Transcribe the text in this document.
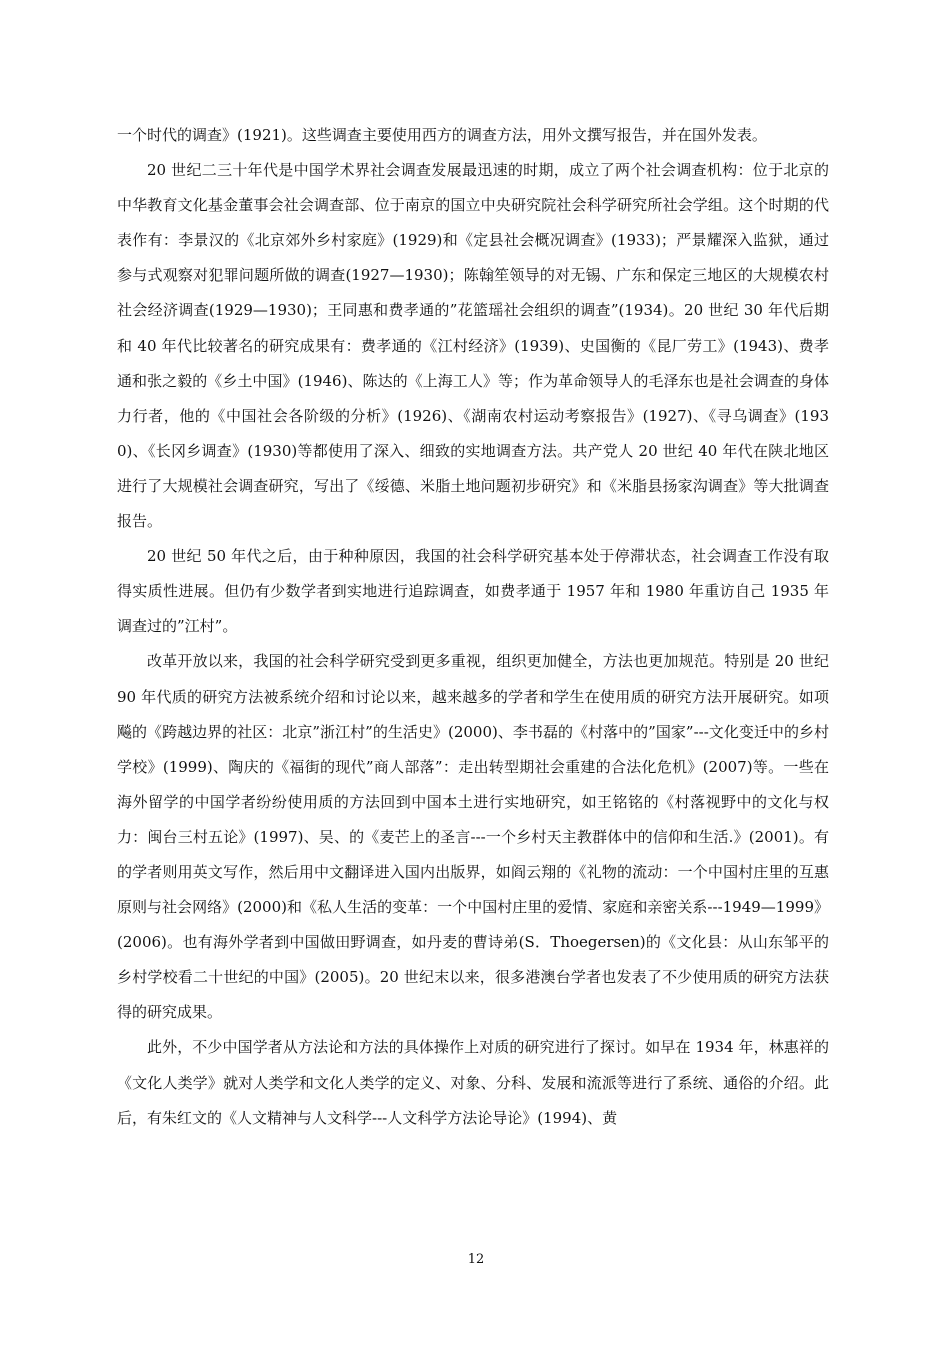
一个时代的调查》(1921)。这些调查主要使用西方的调查方法，用外文撰写报告，并在国外发表。

20 世纪二三十年代是中国学术界社会调查发展最迅速的时期，成立了两个社会调查机构：位于北京的中华教育文化基金董事会社会调查部、位于南京的国立中央研究院社会科学研究所社会学组。这个时期的代表作有：李景汉的《北京郊外乡村家庭》(1929)和《定县社会概况调查》(1933)；严景耀深入监狱，通过参与式观察对犯罪问题所做的调查(1927—1930)；陈翰笙领导的对无锡、广东和保定三地区的大规模农村社会经济调查(1929—1930)；王同惠和费孝通的”花篮瑶社会组织的调查”(1934)。20 世纪 30 年代后期和 40 年代比较著名的研究成果有：费孝通的《江村经济》(1939)、史国衡的《昆厂劳工》(1943)、费孝通和张之毅的《乡土中国》(1946)、陈达的《上海工人》等；作为革命领导人的毛泽东也是社会调查的身体力行者，他的《中国社会各阶级的分析》(1926)、《湖南农村运动考察报告》(1927)、《寻乌调查》(1930)、《长冈乡调查》(1930)等都使用了深入、细致的实地调查方法。共产党人 20 世纪 40 年代在陕北地区进行了大规模社会调查研究，写出了《绥德、米脂土地问题初步研究》和《米脂县扬家沟调查》等大批调查报告。

20 世纪 50 年代之后，由于种种原因，我国的社会科学研究基本处于停滞状态，社会调查工作没有取得实质性进展。但仍有少数学者到实地进行追踪调查，如费孝通于 1957 年和 1980 年重访自己 1935 年调查过的”江村”。

改革开放以来，我国的社会科学研究受到更多重视，组织更加健全，方法也更加规范。特别是 20 世纪 90 年代质的研究方法被系统介绍和讨论以来，越来越多的学者和学生在使用质的研究方法开展研究。如项飚的《跨越边界的社区：北京”浙江村”的生活史》(2000)、李书磊的《村落中的”国家”---文化变迁中的乡村学校》(1999)、陶庆的《福街的现代”商人部落”：走出转型期社会重建的合法化危机》(2007)等。一些在海外留学的中国学者纷纷使用质的方法回到中国本土进行实地研究，如王铭铭的《村落视野中的文化与权力：闽台三村五论》(1997)、吴、的《麦芒上的圣言---一个乡村天主教群体中的信仰和生活.》(2001)。有的学者则用英文写作，然后用中文翻译进入国内出版界，如阎云翔的《礼物的流动：一个中国村庄里的互惠原则与社会网络》(2000)和《私人生活的变革：一个中国村庄里的爱情、家庭和亲密关系---1949—1999》(2006)。也有海外学者到中国做田野调查，如丹麦的曹诗弟(S．Thoegersen)的《文化县：从山东邹平的乡村学校看二十世纪的中国》(2005)。20 世纪末以来，很多港澳台学者也发表了不少使用质的研究方法获得的研究成果。

此外，不少中国学者从方法论和方法的具体操作上对质的研究进行了探讨。如早在 1934 年，林惠祥的《文化人类学》就对人类学和文化人类学的定义、对象、分科、发展和流派等进行了系统、通俗的介绍。此后，有朱红文的《人文精神与人文科学---人文科学方法论导论》(1994)、黄

12
